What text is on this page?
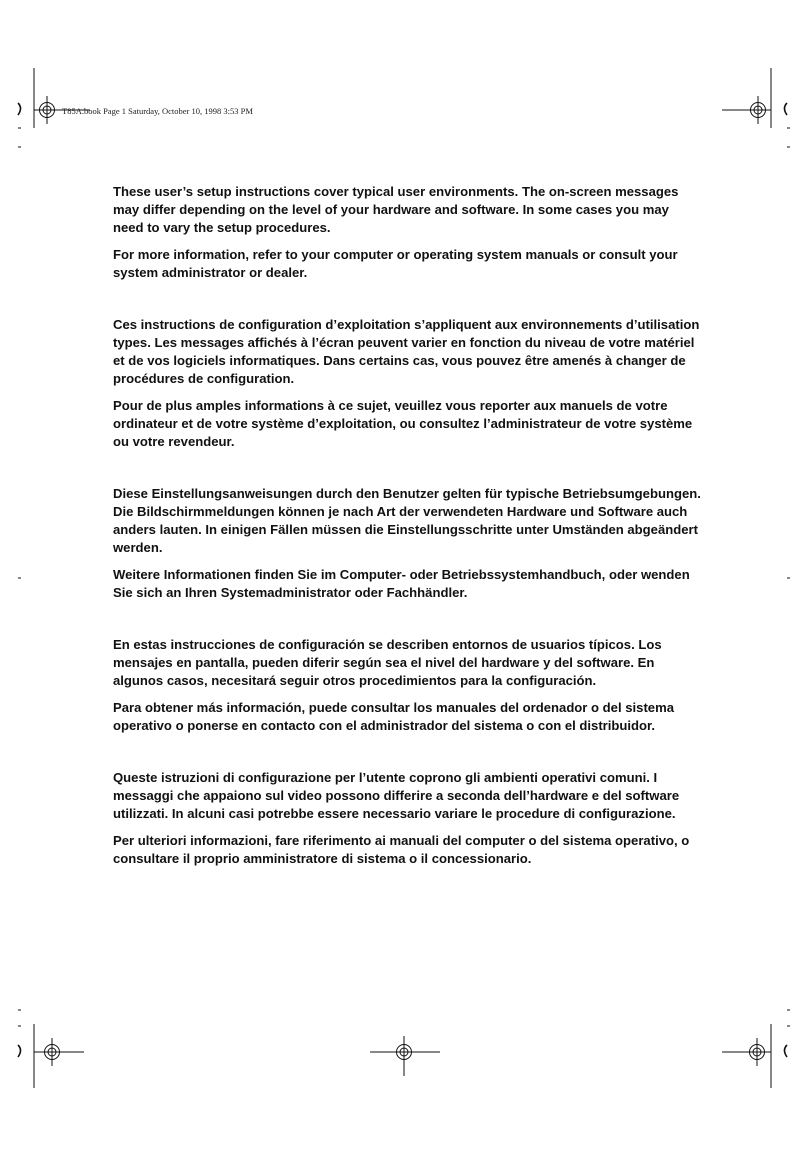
T85A.book Page 1 Saturday, October 10, 1998 3:53 PM

These user’s setup instructions cover typical user environments. The on-screen messages may differ depending on the level of your hardware and software. In some cases you may need to vary the setup procedures.

For more information, refer to your computer or operating system manuals or consult your system administrator or dealer.

Ces instructions de configuration d’exploitation s’appliquent aux environnements d’utilisation types. Les messages affichés à l’écran peuvent varier en fonction du niveau de votre matériel et de vos logiciels informatiques. Dans certains cas, vous pouvez être amenés à changer de procédures de configuration.

Pour de plus amples informations à ce sujet, veuillez vous reporter aux manuels de votre ordinateur et de votre système d’exploitation, ou consultez l’administrateur de votre système ou votre revendeur.

Diese Einstellungsanweisungen durch den Benutzer gelten für typische Betriebsumgebungen. Die Bildschirmmeldungen können je nach Art der verwendeten Hardware und Software auch anders lauten. In einigen Fällen müssen die Einstellungsschritte unter Umständen abgeändert werden.

Weitere Informationen finden Sie im Computer- oder Betriebssystemhandbuch, oder wenden Sie sich an Ihren Systemadministrator oder Fachhändler.

En estas instrucciones de configuración se describen entornos de usuarios típicos. Los mensajes en pantalla, pueden diferir según sea el nivel del hardware y del software. En algunos casos, necesitará seguir otros procedimientos para la configuración.

Para obtener más información, puede consultar los manuales del ordenador o del sistema operativo o ponerse en contacto con el administrador del sistema o con el distribuidor.

Queste istruzioni di configurazione per l’utente coprono gli ambienti operativi comuni. I messaggi che appaiono sul video possono differire a seconda dell’hardware e del software utilizzati. In alcuni casi potrebbe essere necessario variare le procedure di configurazione.

Per ulteriori informazioni, fare riferimento ai manuali del computer o del sistema operativo, o consultare il proprio amministratore di sistema o il concessionario.
